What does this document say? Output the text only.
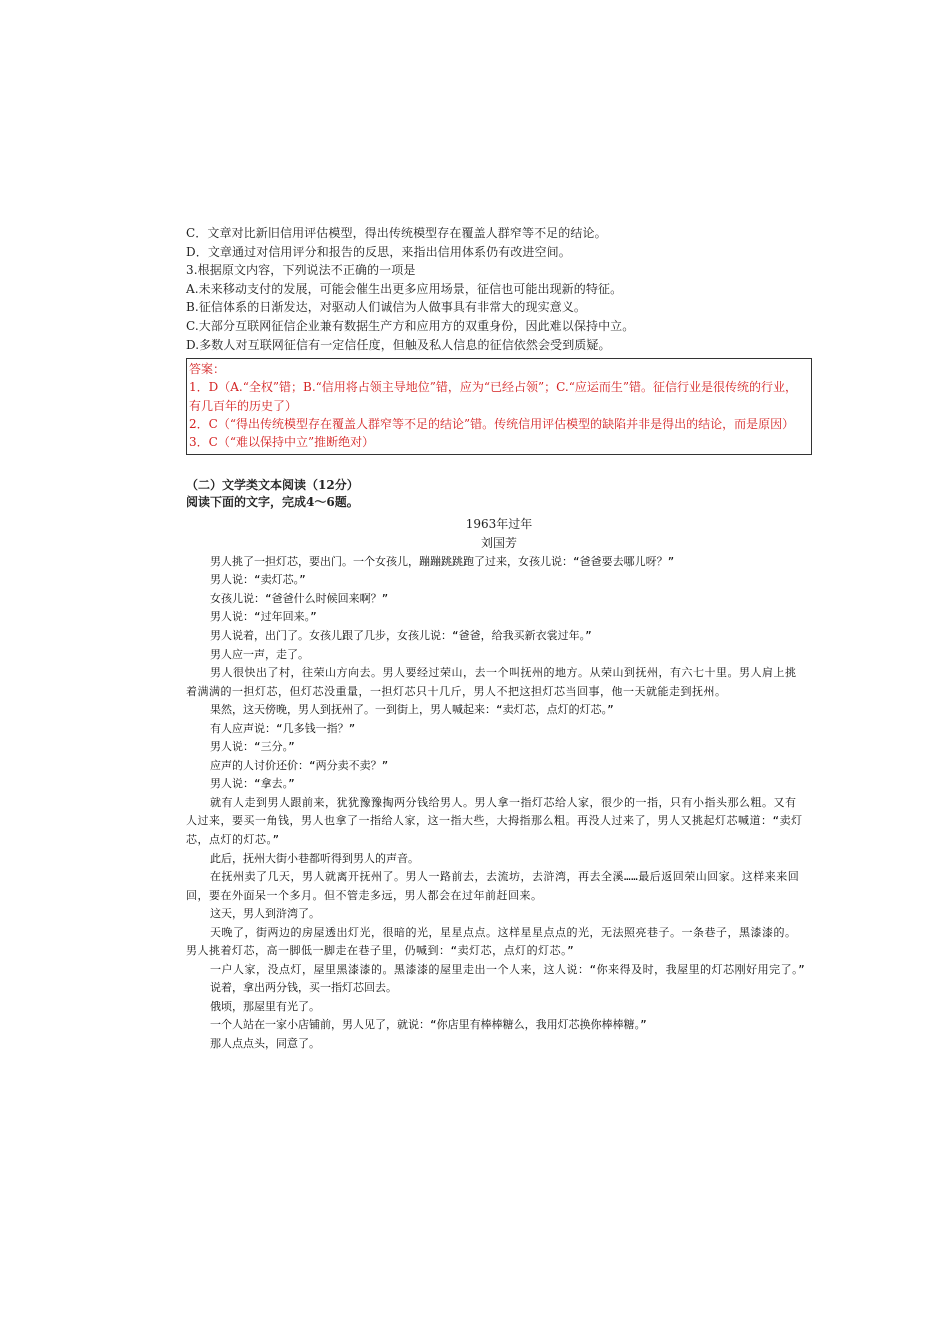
C．文章对比新旧信用评估模型，得出传统模型存在覆盖人群窄等不足的结论。
D．文章通过对信用评分和报告的反思，来指出信用体系仍有改进空间。
3.根据原文内容，下列说法不正确的一项是
A.未来移动支付的发展，可能会催生出更多应用场景，征信也可能出现新的特征。
B.征信体系的日渐发达，对驱动人们诚信为人做事具有非常大的现实意义。
C.大部分互联网征信企业兼有数据生产方和应用方的双重身份，因此难以保持中立。
D.多数人对互联网征信有一定信任度，但触及私人信息的征信依然会受到质疑。
答案：
1．D（A.“全权”错；B.“信用将占领主导地位”错，应为“已经占领”；C.“应运而生”错。征信行业是很传统的行业，有几百年的历史了）
2．C（“得出传统模型存在覆盖人群窄等不足的结论”错。传统信用评估模型的缺陷并非是得出的结论，而是原因）
3．C（“难以保持中立”推断绝对）
（二）文学类文本阅读（12分）
阅读下面的文字，完成4～6题。
1963年过年
刘国芳
男人挑了一担灯芯，要出门。一个女孩儿，蹦蹦跳跳跑了过来，女孩儿说：“爸爸要去哪儿呀？”
男人说：“卖灯芯。”
女孩儿说：“爸爸什么时候回来啊？”
男人说：“过年回来。”
男人说着，出门了。女孩儿跟了几步，女孩儿说：“爸爸，给我买新衣裳过年。”
男人应一声，走了。
男人很快出了村，往荣山方向去。男人要经过荣山，去一个叫抚州的地方。从荣山到抚州，有六七十里。男人肩上挑着满满的一担灯芯，但灯芯没重量，一担灯芯只十几斤，男人不把这担灯芯当回事，他一天就能走到抚州。
果然，这天傍晚，男人到抚州了。一到街上，男人喊起来：“卖灯芯，点灯的灯芯。”
有人应声说：“几多钱一指？”
男人说：“三分。”
应声的人讨价还价：“两分卖不卖？”
男人说：“拿去。”
就有人走到男人跟前来，犹犹豫豫掏两分钱给男人。男人拿一指灯芯给人家，很少的一指，只有小指头那么粗。又有人过来，要买一角钱，男人也拿了一指给人家，这一指大些，大拇指那么粗。再没人过来了，男人又挑起灯芯喊道：“卖灯芯，点灯的灯芯。”
此后，抚州大街小巷都听得到男人的声音。
在抚州卖了几天，男人就离开抚州了。男人一路前去，去流坊，去浒湾，再去全溪……最后返回荣山回家。这样来来回回，要在外面呆一个多月。但不管走多远，男人都会在过年前赶回来。
这天，男人到浒湾了。
天晚了，街两边的房屋透出灯光，很暗的光，星星点点。这样星星点点的光，无法照亮巷子。一条巷子，黑漆漆的。男人挑着灯芯，高一脚低一脚走在巷子里，仍喊到：“卖灯芯，点灯的灯芯。”
一户人家，没点灯，屋里黑漆漆的。黑漆漆的屋里走出一个人来，这人说：“你来得及时，我屋里的灯芯刚好用完了。”
说着，拿出两分钱，买一指灯芯回去。
俄顷，那屋里有光了。
一个人站在一家小店铺前，男人见了，就说：“你店里有棒棒糖么，我用灯芯换你棒棒糖。”
那人点点头，同意了。
